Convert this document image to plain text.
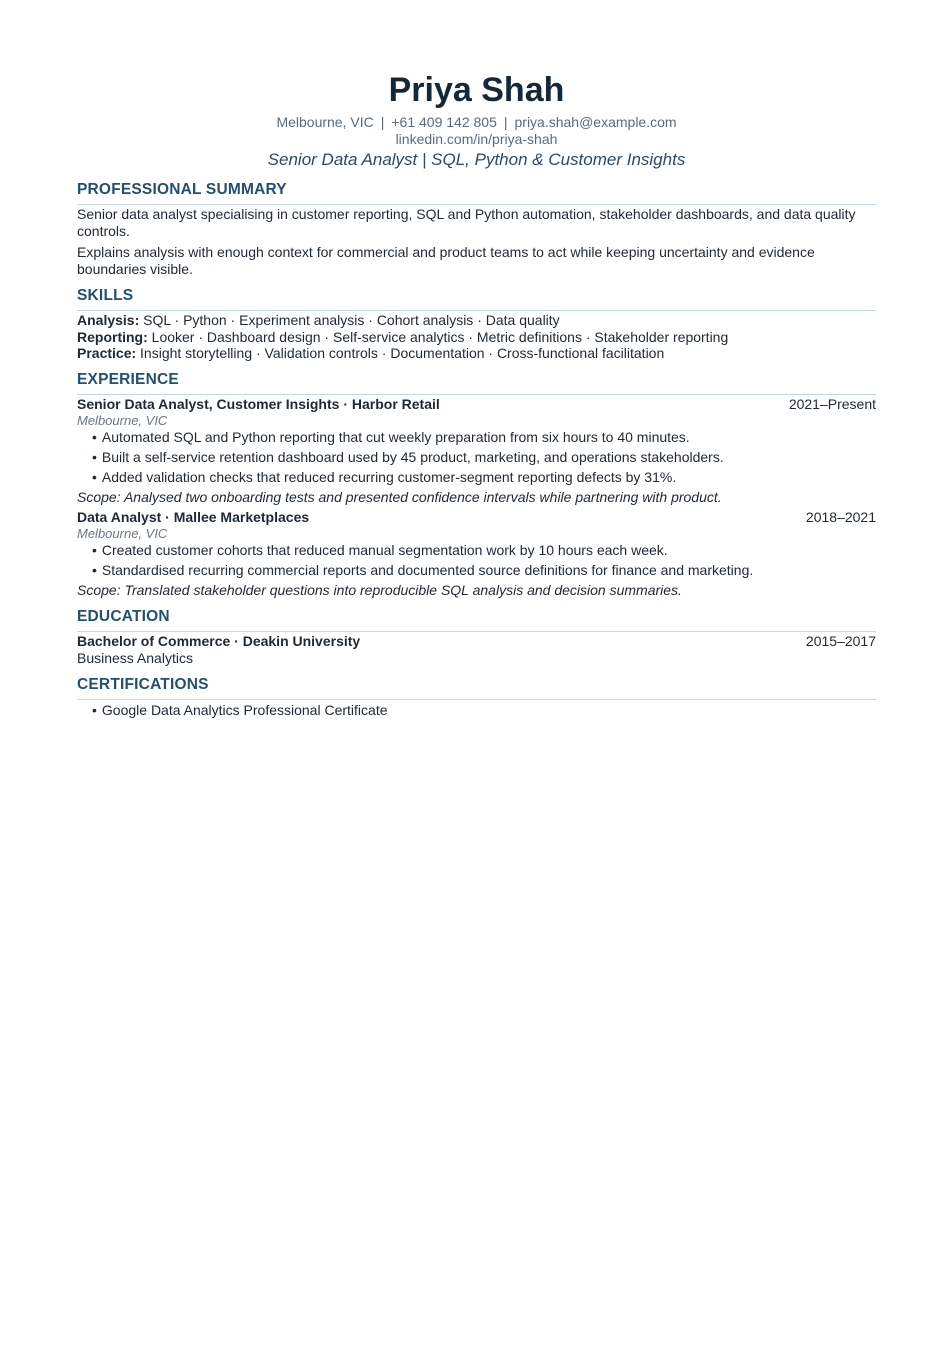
Priya Shah
Melbourne, VIC | +61 409 142 805 | priya.shah@example.com
linkedin.com/in/priya-shah
Senior Data Analyst | SQL, Python & Customer Insights
PROFESSIONAL SUMMARY

Senior data analyst specialising in customer reporting, SQL and Python automation, stakeholder dashboards, and data quality controls.

Explains analysis with enough context for commercial and product teams to act while keeping uncertainty and evidence boundaries visible.

SKILLS
Analysis: SQL · Python · Experiment analysis · Cohort analysis · Data quality
Reporting: Looker · Dashboard design · Self-service analytics · Metric definitions · Stakeholder reporting
Practice: Insight storytelling · Validation controls · Documentation · Cross-functional facilitation
EXPERIENCE
Senior Data Analyst, Customer Insights · Harbor Retail	2021–Present
Melbourne, VIC
• Automated SQL and Python reporting that cut weekly preparation from six hours to 40 minutes.
• Built a self-service retention dashboard used by 45 product, marketing, and operations stakeholders.
• Added validation checks that reduced recurring customer-segment reporting defects by 31%.
Scope: Analysed two onboarding tests and presented confidence intervals while partnering with product.
Data Analyst · Mallee Marketplaces	2018–2021
Melbourne, VIC
• Created customer cohorts that reduced manual segmentation work by 10 hours each week.
• Standardised recurring commercial reports and documented source definitions for finance and marketing.
Scope: Translated stakeholder questions into reproducible SQL analysis and decision summaries.
EDUCATION
Bachelor of Commerce · Deakin University	2015–2017
Business Analytics
CERTIFICATIONS
• Google Data Analytics Professional Certificate
